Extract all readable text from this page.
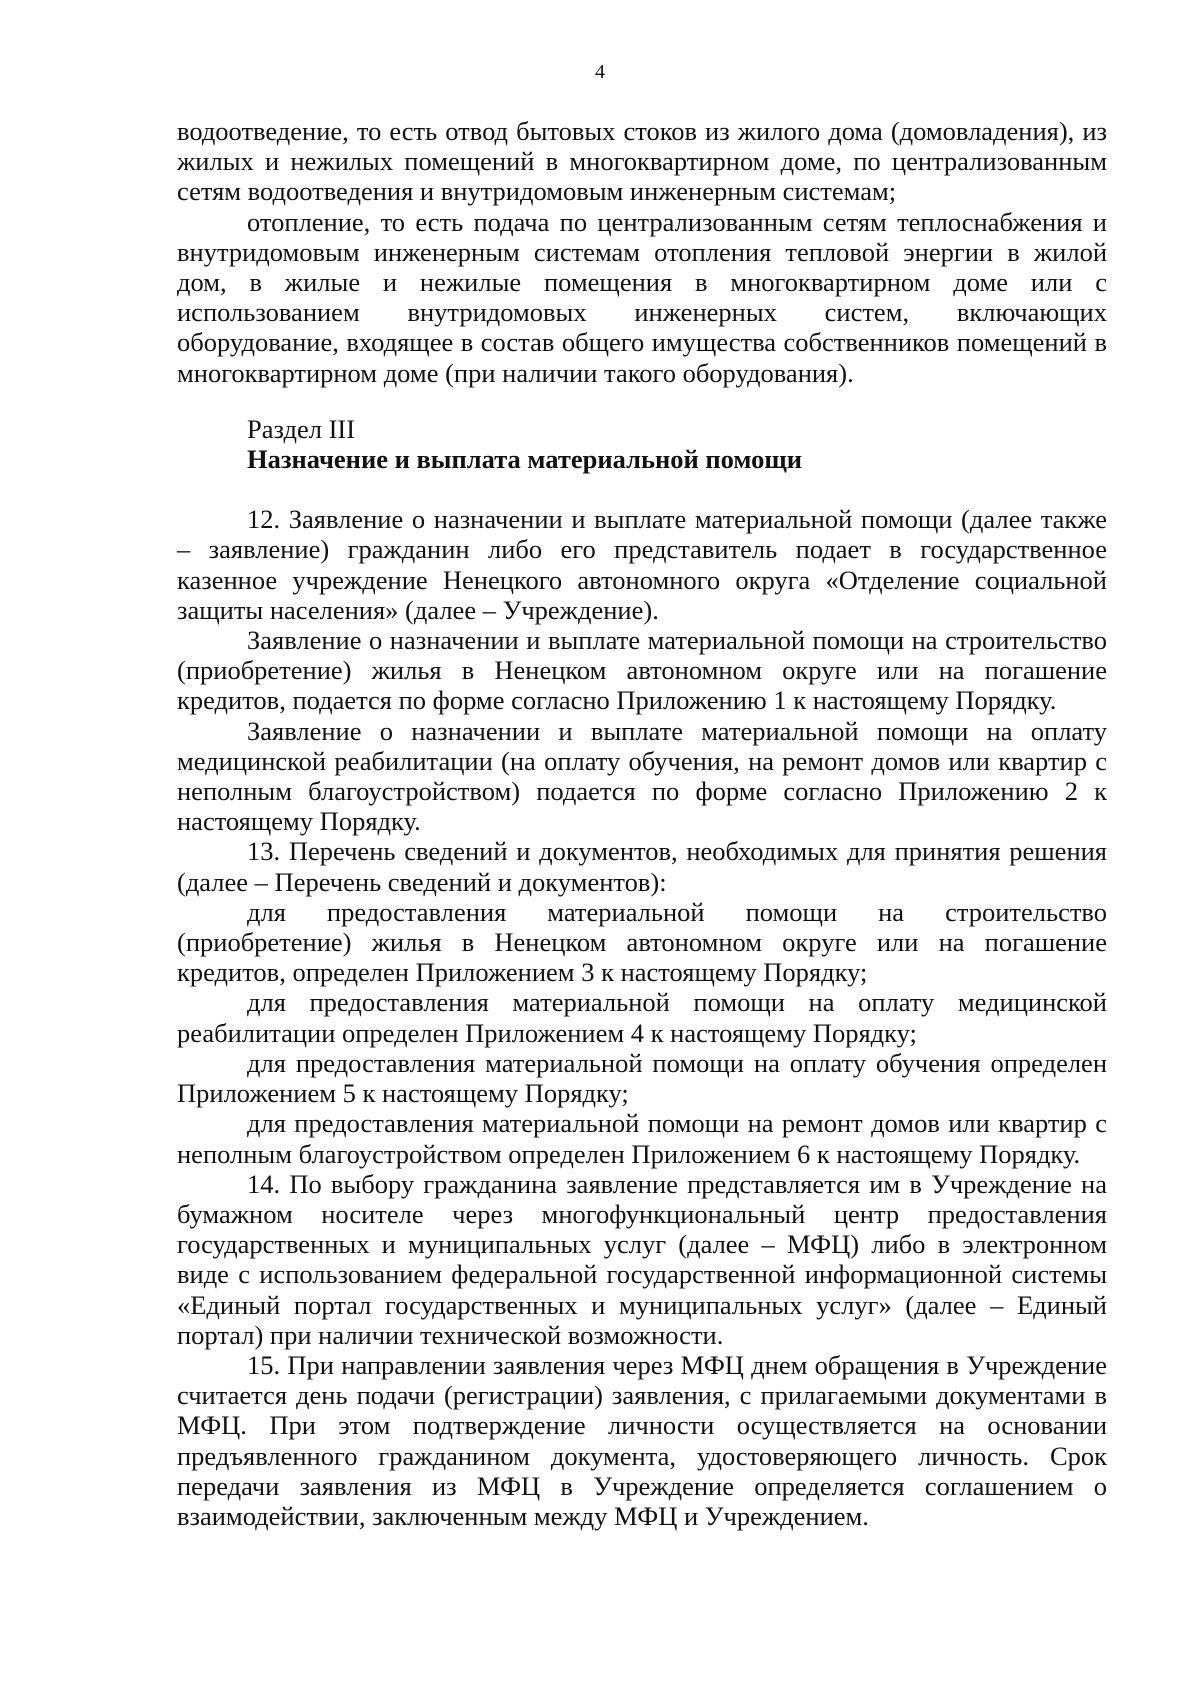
4

водоотведение, то есть отвод бытовых стоков из жилого дома (домовладения), из жилых и нежилых помещений в многоквартирном доме, по централизованным сетям водоотведения и внутридомовым инженерным системам;

отопление, то есть подача по централизованным сетям теплоснабжения и внутридомовым инженерным системам отопления тепловой энергии в жилой дом, в жилые и нежилые помещения в многоквартирном доме или с использованием внутридомовых инженерных систем, включающих оборудование, входящее в состав общего имущества собственников помещений в многоквартирном доме (при наличии такого оборудования).

Раздел III

Назначение и выплата материальной помощи

12. Заявление о назначении и выплате материальной помощи (далее также – заявление) гражданин либо его представитель подает в государственное казенное учреждение Ненецкого автономного округа «Отделение социальной защиты населения» (далее – Учреждение).

Заявление о назначении и выплате материальной помощи на строительство (приобретение) жилья в Ненецком автономном округе или на погашение кредитов, подается по форме согласно Приложению 1 к настоящему Порядку.

Заявление о назначении и выплате материальной помощи на оплату медицинской реабилитации (на оплату обучения, на ремонт домов или квартир с неполным благоустройством) подается по форме согласно Приложению 2 к настоящему Порядку.

13. Перечень сведений и документов, необходимых для принятия решения (далее – Перечень сведений и документов):

для предоставления материальной помощи на строительство (приобретение) жилья в Ненецком автономном округе или на погашение кредитов, определен Приложением 3 к настоящему Порядку;

для предоставления материальной помощи на оплату медицинской реабилитации определен Приложением 4 к настоящему Порядку;

для предоставления материальной помощи на оплату обучения определен Приложением 5 к настоящему Порядку;

для предоставления материальной помощи на ремонт домов или квартир с неполным благоустройством определен Приложением 6 к настоящему Порядку.

14. По выбору гражданина заявление представляется им в Учреждение на бумажном носителе через многофункциональный центр предоставления государственных и муниципальных услуг (далее – МФЦ) либо в электронном виде с использованием федеральной государственной информационной системы «Единый портал государственных и муниципальных услуг» (далее – Единый портал) при наличии технической возможности.

15. При направлении заявления через МФЦ днем обращения в Учреждение считается день подачи (регистрации) заявления, с прилагаемыми документами в МФЦ. При этом подтверждение личности осуществляется на основании предъявленного гражданином документа, удостоверяющего личность. Срок передачи заявления из МФЦ в Учреждение определяется соглашением о взаимодействии, заключенным между МФЦ и Учреждением.
